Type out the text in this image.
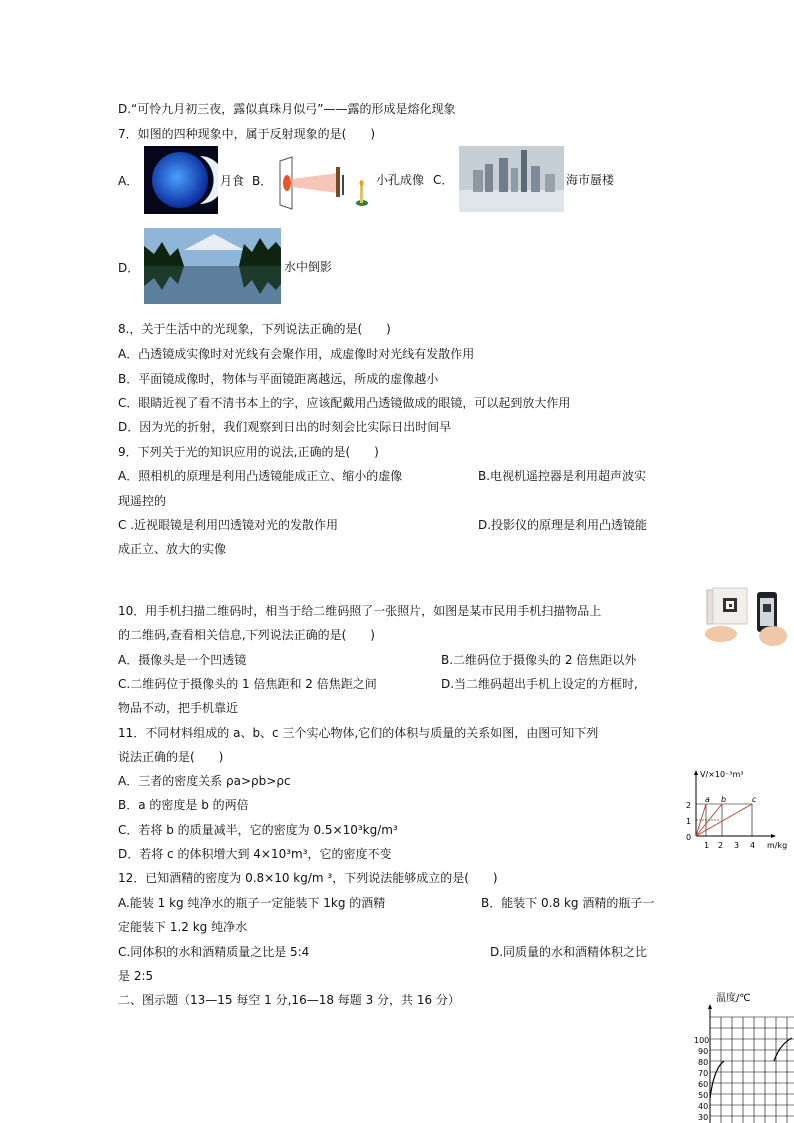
D.“可怜九月初三夜，露似真珠月似弓”——露的形成是熔化现象
7．如图的四种现象中，属于反射现象的是(　　)
A．	月食 B．	小孔成像 C．	海市蜃楼
D．	水中倒影
8.，关于生活中的光现象，下列说法正确的是(　　)
A．凸透镜成实像时对光线有会聚作用，成虚像时对光线有发散作用
B．平面镜成像时，物体与平面镜距离越远，所成的虚像越小
C．眼睛近视了看不清书本上的字，应该配戴用凸透镜做成的眼镜，可以起到放大作用
D．因为光的折射，我们观察到日出的时刻会比实际日出时间早
9．下列关于光的知识应用的说法,正确的是(　　)
A．照相机的原理是利用凸透镜能成正立、缩小的虚像	B.电视机遥控器是利用超声波实
现遥控的
C .近视眼镜是利用凹透镜对光的发散作用	D.投影仪的原理是利用凸透镜能
成正立、放大的实像
10．用手机扫描二维码时，相当于给二维码照了一张照片，如图是某市民用手机扫描物品上
的二维码,查看相关信息,下列说法正确的是(　　)
A．摄像头是一个凹透镜	B.二维码位于摄像头的 2 倍焦距以外
C.二维码位于摄像头的 1 倍焦距和 2 倍焦距之间	D.当二维码超出手机上设定的方框时,
物品不动，把手机靠近
11．不同材料组成的 a、b、c 三个实心物体,它们的体积与质量的关系如图，由图可知下列
说法正确的是(　　)
A．三者的密度关系 ρa>ρb>ρc
B．a 的密度是 b 的两倍
C．若将 b 的质量减半，它的密度为 0.5×10³kg/m³
D．若将 c 的体积增大到 4×10³m³，它的密度不变
V/×10⁻³m³
m/kg
2
1
0
1 2 3 4
a b	c
12．已知酒精的密度为 0.8×10 kg/m ³，下列说法能够成立的是(　　)
A.能装 1 kg 纯净水的瓶子一定能装下 1kg 的酒精	B．能装下 0.8 kg 酒精的瓶子一
定能装下 1.2 kg 纯净水
C.同体积的水和酒精质量之比是 5:4	D.同质量的水和酒精体积之比
是 2:5
二、图示题（13—15 每空 1 分,16—18 每题 3 分，共 16 分）	温度/℃
100
90
80
70
60
50
40
30
